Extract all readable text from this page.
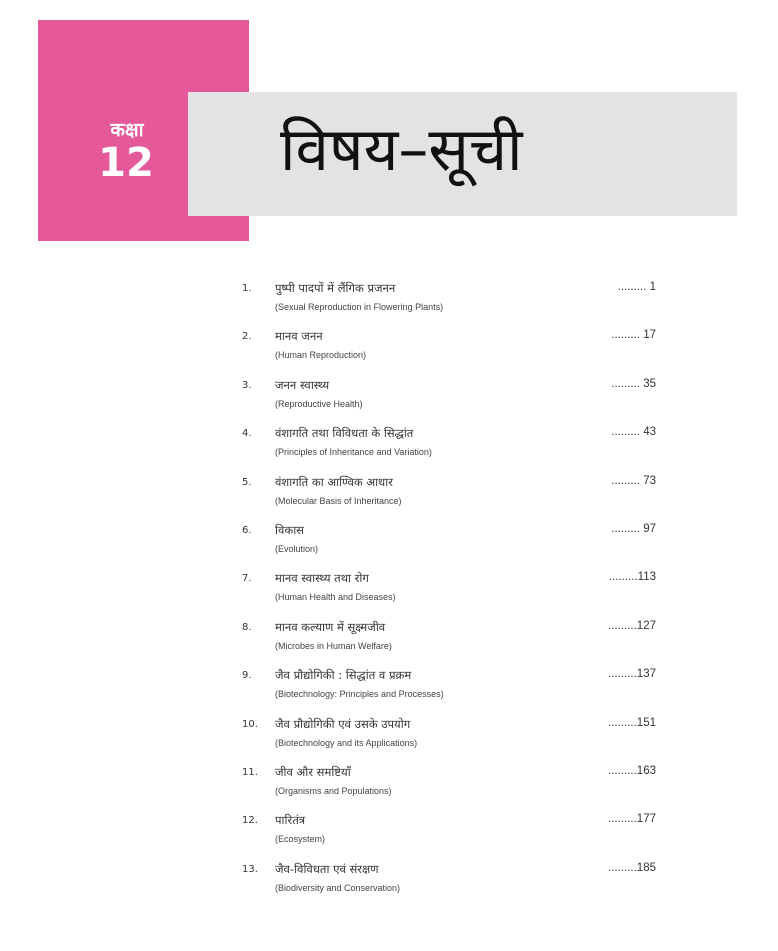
कक्षा
12 विषय–सूची
1. पुष्पी पादपों में लैंगिक प्रजनन
(Sexual Reproduction in Flowering Plants)
......... 1
2. मानव जनन
(Human Reproduction)
......... 17
3. जनन स्वास्थ्य
(Reproductive Health)
......... 35
4. वंशागति तथा विविधता के सिद्धांत
(Principles of Inheritance and Variation)
......... 43
5. वंशागति का आण्विक आधार
(Molecular Basis of Inheritance)
......... 73
6. विकास
(Evolution)
......... 97
7. मानव स्वास्थ्य तथा रोग
(Human Health and Diseases)
.........113
8. मानव कल्याण में सूक्ष्मजीव
(Microbes in Human Welfare)
.........127
9. जैव प्रौद्योगिकी : सिद्धांत व प्रक्रम
(Biotechnology: Principles and Processes)
.........137
10. जैव प्रौद्योगिकी एवं उसके उपयोग
(Biotechnology and its Applications)
.........151
11. जीव और समष्टियाँ
(Organisms and Populations)
.........163
12. पारितंत्र
(Ecosystem)
.........177
13. जैव-विविधता एवं संरक्षण
(Biodiversity and Conservation)
.........185
